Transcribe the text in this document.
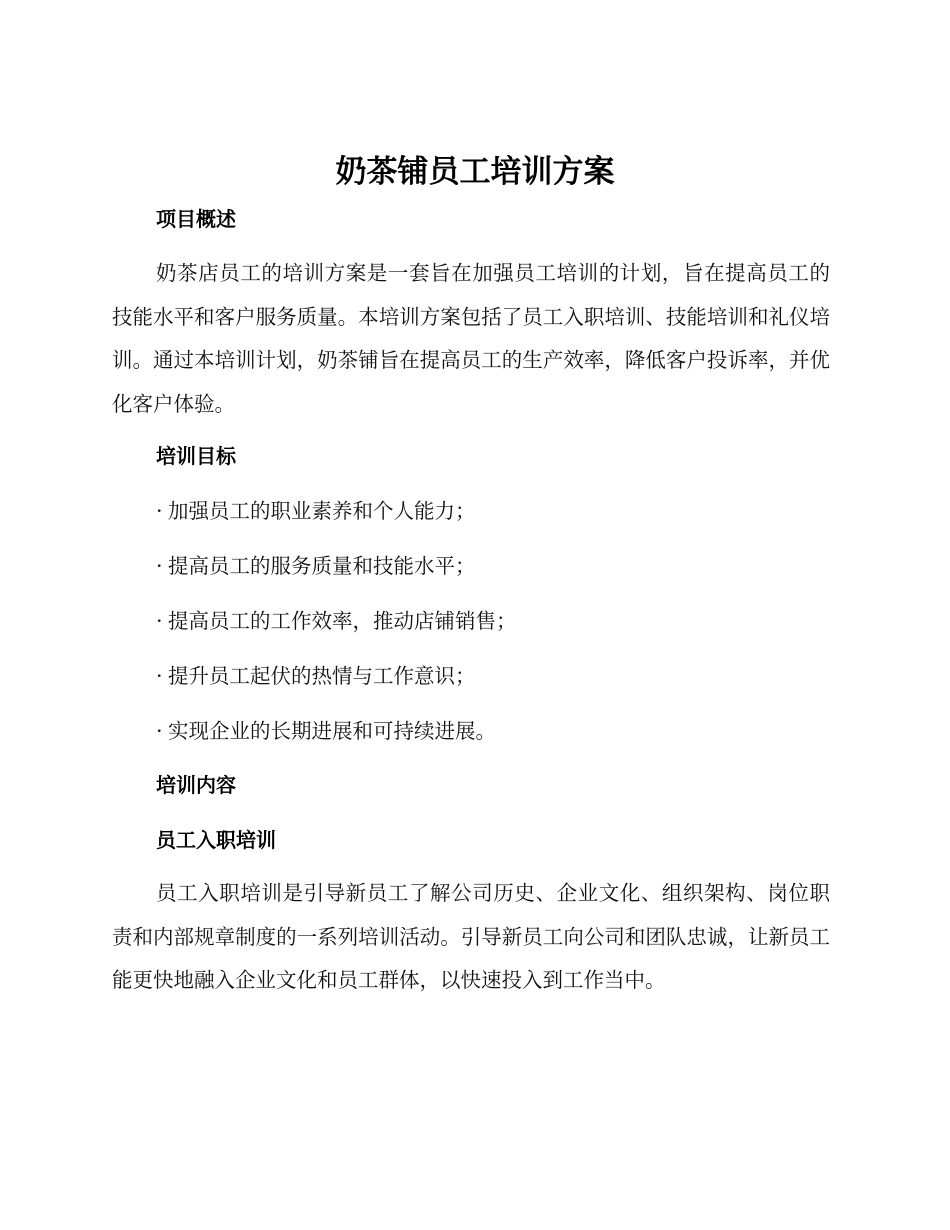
奶茶铺员工培训方案
项目概述

奶茶店员工的培训方案是一套旨在加强员工培训的计划，旨在提高员工的技能水平和客户服务质量。本培训方案包括了员工入职培训、技能培训和礼仪培训。通过本培训计划，奶茶铺旨在提高员工的生产效率，降低客户投诉率，并优化客户体验。

培训目标

· 加强员工的职业素养和个人能力；

· 提高员工的服务质量和技能水平；

· 提高员工的工作效率，推动店铺销售；

· 提升员工起伏的热情与工作意识；

· 实现企业的长期进展和可持续进展。

培训内容
员工入职培训

员工入职培训是引导新员工了解公司历史、企业文化、组织架构、岗位职责和内部规章制度的一系列培训活动。引导新员工向公司和团队忠诚，让新员工能更快地融入企业文化和员工群体，以快速投入到工作当中。
